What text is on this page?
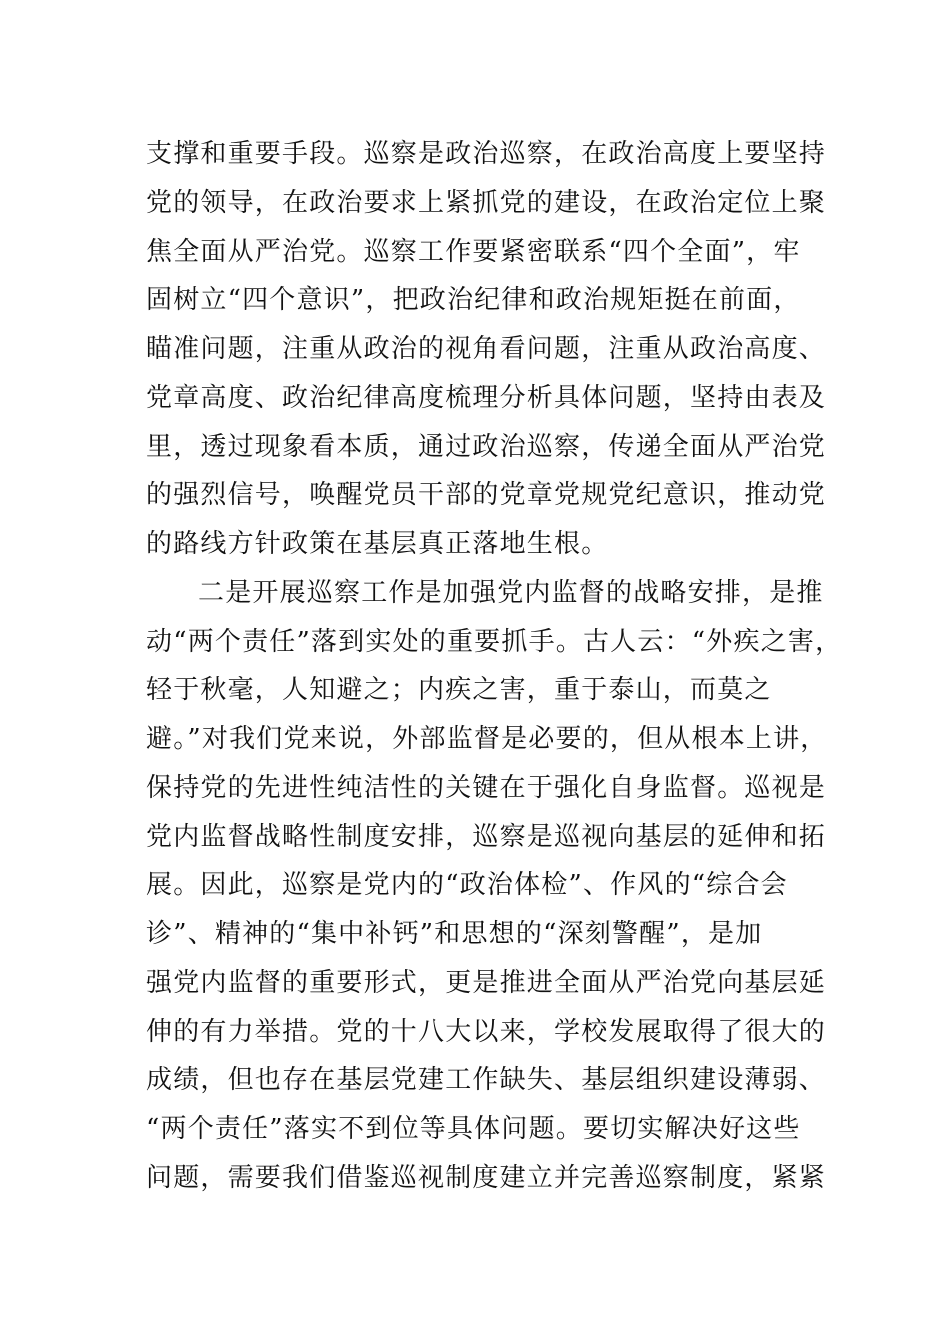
支撑和重要手段。巡察是政治巡察，在政治高度上要坚持
党的领导，在政治要求上紧抓党的建设，在政治定位上聚
焦全面从严治党。巡察工作要紧密联系“四个全面”，牢
固树立“四个意识”，把政治纪律和政治规矩挺在前面，
瞄准问题，注重从政治的视角看问题，注重从政治高度、
党章高度、政治纪律高度梳理分析具体问题，坚持由表及
里，透过现象看本质，通过政治巡察，传递全面从严治党
的强烈信号，唤醒党员干部的党章党规党纪意识，推动党
的路线方针政策在基层真正落地生根。
二是开展巡察工作是加强党内监督的战略安排，是推
动“两个责任”落到实处的重要抓手。古人云：“外疾之害，
轻于秋毫，人知避之；内疾之害，重于泰山，而莫之
避。”对我们党来说，外部监督是必要的，但从根本上讲，
保持党的先进性纯洁性的关键在于强化自身监督。巡视是
党内监督战略性制度安排，巡察是巡视向基层的延伸和拓
展。因此，巡察是党内的“政治体检”、作风的“综合会
诊”、精神的“集中补钙”和思想的“深刻警醒”，是加
强党内监督的重要形式，更是推进全面从严治党向基层延
伸的有力举措。党的十八大以来，学校发展取得了很大的
成绩，但也存在基层党建工作缺失、基层组织建设薄弱、
“两个责任”落实不到位等具体问题。要切实解决好这些
问题，需要我们借鉴巡视制度建立并完善巡察制度，紧紧
